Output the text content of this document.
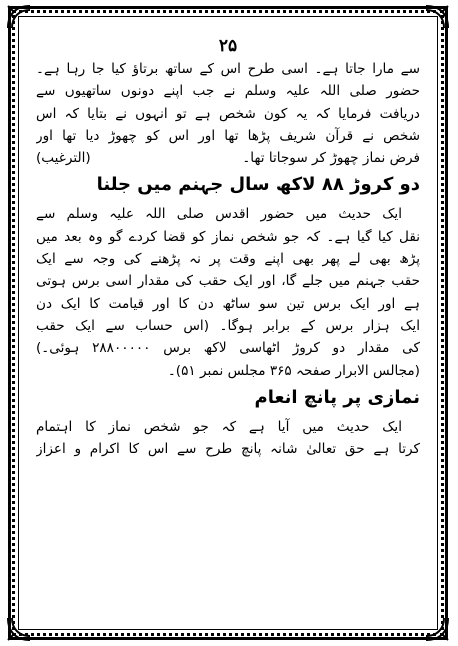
۲۵
سے مارا جاتا ہے۔ اسی طرح اس کے ساتھ برتاؤ کیا جا رہا ہے۔
حضور صلی اللہ علیہ وسلم نے جب اپنے دونوں ساتھیوں سے
دریافت فرمایا کہ یہ کون شخص ہے تو انہوں نے بتایا کہ اس
شخص نے قرآن شریف پڑھا تھا اور اس کو چھوڑ دیا تھا اور
فرض نماز چھوڑ کر سوجاتا تھا۔
(الترغیب)
دو کروڑ ۸۸ لاکھ سال جہنم میں جلنا
ایک حدیث میں حضور اقدس صلی اللہ علیہ وسلم سے
نقل کیا گیا ہے۔ کہ جو شخص نماز کو قضا کردے گو وہ بعد میں
پڑھ بھی لے پھر بھی اپنے وقت پر نہ پڑھنے کی وجہ سے ایک
حقب جہنم میں جلے گا، اور ایک حقب کی مقدار اسی برس ہوتی
ہے اور ایک برس تین سو ساٹھ دن کا اور قیامت کا ایک دن
ایک ہزار برس کے برابر ہوگا۔ (اس حساب سے ایک حقب
کی مقدار دو کروڑ اٹھاسی لاکھ برس ۲۸۸۰۰۰۰۰ ہوئی۔)
(مجالس الابرار صفحہ ۳۶۵ مجلس نمبر ۵۱)۔
نمازی پر پانچ انعام
ایک حدیث میں آیا ہے کہ جو شخص نماز کا اہتمام
کرتا ہے حق تعالیٰ شانہ پانچ طرح سے اس کا اکرام و اعزاز
